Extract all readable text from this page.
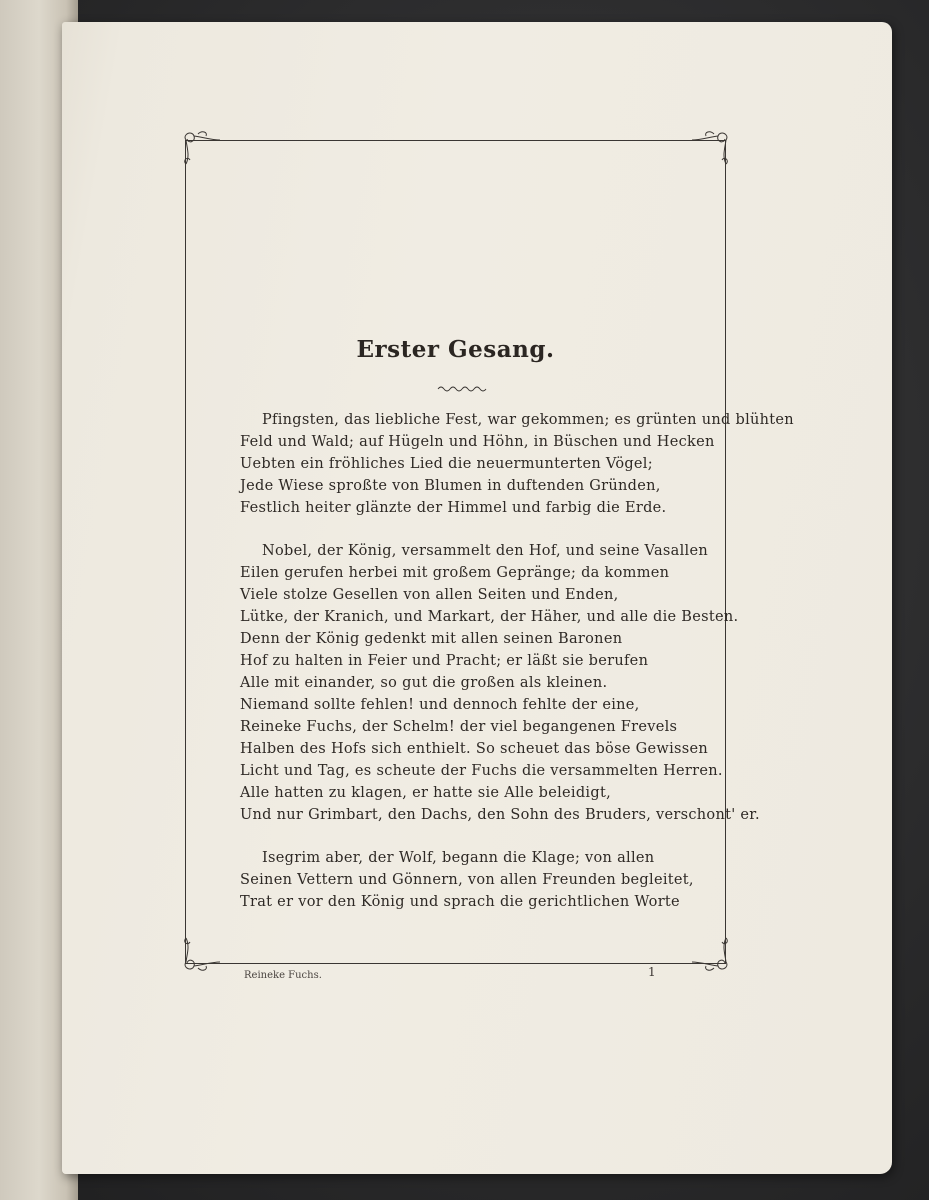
Erster Gesang.
Pfingsten, das liebliche Fest, war gekommen; es grünten und blühten
Feld und Wald; auf Hügeln und Höhn, in Büschen und Hecken
Uebten ein fröhliches Lied die neuermunterten Vögel;
Jede Wiese sproßte von Blumen in duftenden Gründen,
Festlich heiter glänzte der Himmel und farbig die Erde.
Nobel, der König, versammelt den Hof, und seine Vasallen
Eilen gerufen herbei mit großem Gepränge; da kommen
Viele stolze Gesellen von allen Seiten und Enden,
Lütke, der Kranich, und Markart, der Häher, und alle die Besten.
Denn der König gedenkt mit allen seinen Baronen
Hof zu halten in Feier und Pracht; er läßt sie berufen
Alle mit einander, so gut die großen als kleinen.
Niemand sollte fehlen! und dennoch fehlte der eine,
Reineke Fuchs, der Schelm! der viel begangenen Frevels
Halben des Hofs sich enthielt. So scheuet das böse Gewissen
Licht und Tag, es scheute der Fuchs die versammelten Herren.
Alle hatten zu klagen, er hatte sie Alle beleidigt,
Und nur Grimbart, den Dachs, den Sohn des Bruders, verschont' er.
Isegrim aber, der Wolf, begann die Klage; von allen
Seinen Vettern und Gönnern, von allen Freunden begleitet,
Trat er vor den König und sprach die gerichtlichen Worte
Reineke Fuchs.	1
